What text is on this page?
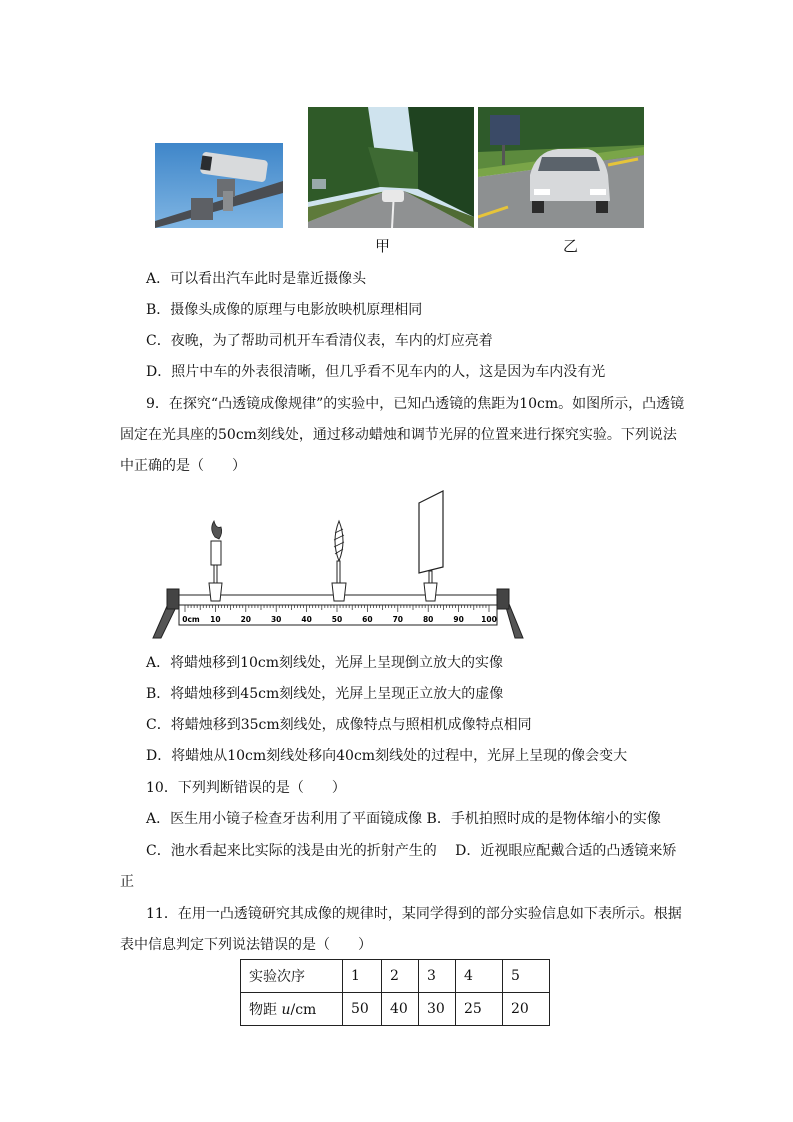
甲	乙
A．可以看出汽车此时是靠近摄像头
B．摄像头成像的原理与电影放映机原理相同
C．夜晚，为了帮助司机开车看清仪表，车内的灯应亮着
D．照片中车的外表很清晰，但几乎看不见车内的人，这是因为车内没有光
9．在探究“凸透镜成像规律”的实验中，已知凸透镜的焦距为10cm。如图所示，凸透镜
固定在光具座的50cm刻线处，通过移动蜡烛和调节光屏的位置来进行探究实验。下列说法
中正确的是（　　）
0cm 10	20	30	40	50	60	70	80	90 100
A．将蜡烛移到10cm刻线处，光屏上呈现倒立放大的实像
B．将蜡烛移到45cm刻线处，光屏上呈现正立放大的虚像
C．将蜡烛移到35cm刻线处，成像特点与照相机成像特点相同
D．将蜡烛从10cm刻线处移向40cm刻线处的过程中，光屏上呈现的像会变大
10．下列判断错误的是（　　）
A．医生用小镜子检查牙齿利用了平面镜成像 B．手机拍照时成的是物体缩小的实像
C．池水看起来比实际的浅是由光的折射产生的　 D．近视眼应配戴合适的凸透镜来矫
正
11．在用一凸透镜研究其成像的规律时，某同学得到的部分实验信息如下表所示。根据
表中信息判定下列说法错误的是（　　）
实验次序	1	2	3	4	5
物距 u/cm	50	40	30	25	20
